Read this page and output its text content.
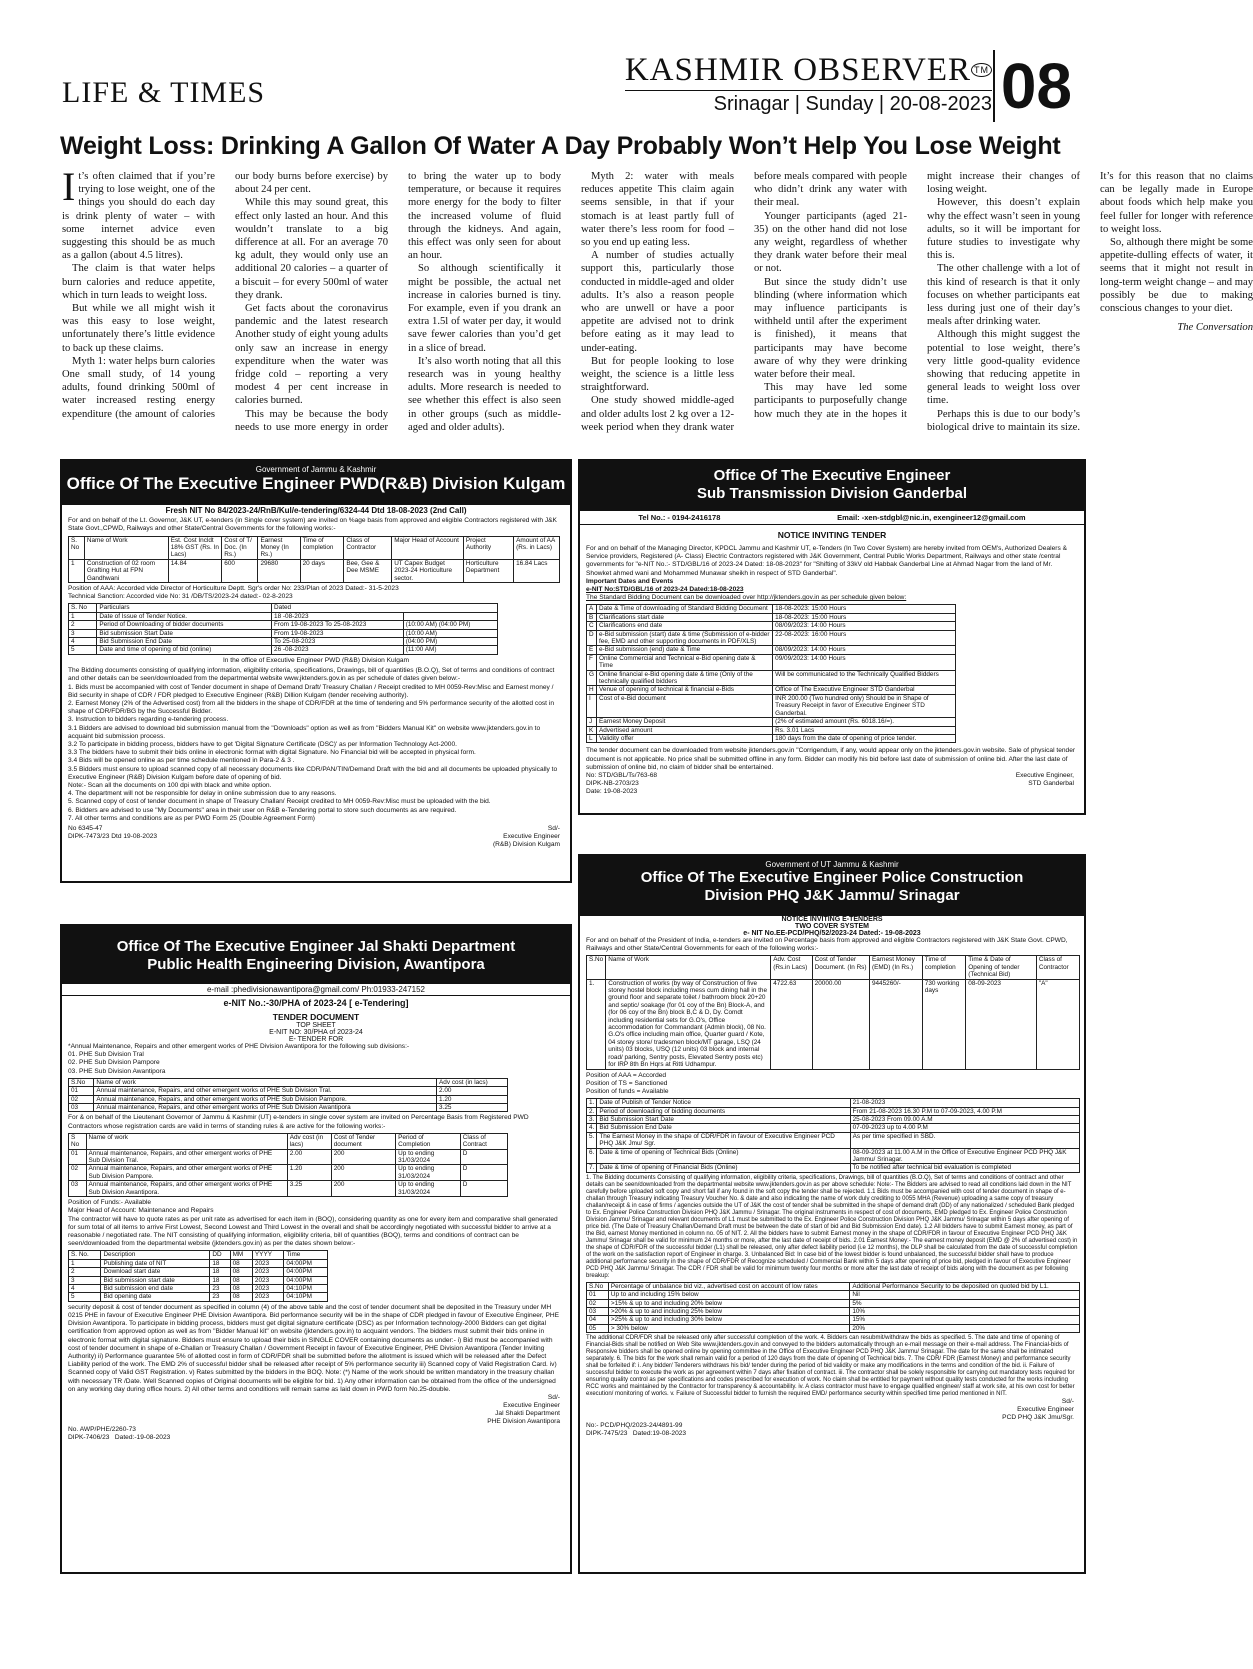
LIFE & TIMES
KASHMIR OBSERVER ™
Srinagar | Sunday | 20-08-2023 08
Weight Loss: Drinking A Gallon Of Water A Day Probably Won’t Help You Lose Weight

It’s often claimed that if you’re trying to lose weight, one of the things you should do each day is drink plenty of water – with some internet advice even suggesting this should be as much as a gallon (about 4.5 litres).

The claim is that water helps burn calories and reduce appetite, which in turn leads to weight loss.

But while we all might wish it was this easy to lose weight, unfortunately there’s little evidence to back up these claims.

Myth 1: water helps burn calories One small study, of 14 young adults, found drinking 500ml of water increased resting energy expenditure (the amount of calories our body burns before exercise) by about 24 per cent.

While this may sound great, this effect only lasted an hour. And this wouldn’t translate to a big difference at all. For an average 70 kg adult, they would only use an additional 20 calories – a quarter of a biscuit – for every 500ml of water they drank.

Get facts about the coronavirus pandemic and the latest research Another study of eight young adults only saw an increase in energy expenditure when the water was fridge cold – reporting a very modest 4 per cent increase in calories burned.

This may be because the body needs to use more energy in order to bring the water up to body temperature, or because it requires more energy for the body to filter the increased volume of fluid through the kidneys. And again, this effect was only seen for about an hour.

So although scientifically it might be possible, the actual net increase in calories burned is tiny. For example, even if you drank an extra 1.5l of water per day, it would save fewer calories than you’d get in a slice of bread.

It’s also worth noting that all this research was in young healthy adults. More research is needed to see whether this effect is also seen in other groups (such as middle-aged and older adults).

Myth 2: water with meals reduces appetite This claim again seems sensible, in that if your stomach is at least partly full of water there’s less room for food – so you end up eating less.

A number of studies actually support this, particularly those conducted in middle-aged and older adults. It’s also a reason people who are unwell or have a poor appetite are advised not to drink before eating as it may lead to under-eating.

But for people looking to lose weight, the science is a little less straightforward.

One study showed middle-aged and older adults lost 2 kg over a 12-week period when they drank water before meals compared with people who didn’t drink any water with their meal.

Younger participants (aged 21-35) on the other hand did not lose any weight, regardless of whether they drank water before their meal or not.

But since the study didn’t use blinding (where information which may influence participants is withheld until after the experiment is finished), it means that participants may have become aware of why they were drinking water before their meal.

This may have led some participants to purposefully change how much they ate in the hopes it might increase their changes of losing weight.

However, this doesn’t explain why the effect wasn’t seen in young adults, so it will be important for future studies to investigate why this is.

The other challenge with a lot of this kind of research is that it only focuses on whether participants eat less during just one of their day’s meals after drinking water.

Although this might suggest the potential to lose weight, there’s very little good-quality evidence showing that reducing appetite in general leads to weight loss over time.

Perhaps this is due to our body’s biological drive to maintain its size. It’s for this reason that no claims can be legally made in Europe about foods which help make you feel fuller for longer with reference to weight loss.

So, although there might be some appetite-dulling effects of water, it seems that it might not result in long-term weight change – and may possibly be due to making conscious changes to your diet.

The Conversation

Government of Jammu & Kashmir
Office Of The Executive Engineer PWD(R&B) Division Kulgam
Fresh NIT No 84/2023-24/RnB/Kul/e-tendering/6324-44 Dtd 18-08-2023 (2nd Call)
For and on behalf of the Lt. Governor, J&K UT, e-tenders (in Single cover system) are invited on %age basis from approved and eligible Contractors registered with J&K State Govt.,CPWD, Railways and other State/Central Governments for the following works:-
S. No	Name of Work	Est. Cost Incldt 18% GST (Rs. In Lacs)	Cost of T/ Doc. (In Rs.)	Earnest Money (In Rs.)	Time of completion	Class of Contractor	Major Head of Account	Project Authority	Amount of AA (Rs. in Lacs)
1	Construction of 02 room Grafting Hut at FPN Gandhwani	14.84	600	29680	20 days	Bee, Gee & Dee MSME	UT Capex Budget 2023-24 Horticulture sector.	Horticulture Department	16.84 Lacs
Position of AAA: Accorded vide Director of Horticulture Deptt. Sgr's order No: 233/Plan of 2023 Dated:- 31-5-2023
Technical Sanction: Accorded vide No: 31 /DB/TS/2023-24 dated:- 02-8-2023
S. No	Particulars	Dated	
1	Date of Issue of Tender Notice.	18 -08-2023	
2	Period of Downloading of bidder documents	From 19-08-2023 To 25-08-2023	(10:00 AM) (04:00 PM)
3	Bid submission Start Date	From 19-08-2023	(10:00 AM)
4	Bid Submission End Date	To 25-08-2023	(04:00 PM)
5	Date and time of opening of bid (online)	26 -08-2023	(11:00 AM)
In the office of Executive Engineer PWD (R&B) Division Kulgam
The Bidding documents consisting of qualifying information, eligibility criteria, specifications, Drawings, bill of quantities (B.O.Q), Set of terms and conditions of contract and other details can be seen/downloaded from the departmental website www.jktenders.gov.in as per schedule of dates given below:-
1. Bids must be accompanied with cost of Tender document in shape of Demand Draft/ Treasury Challan / Receipt credited to MH 0059-Rev:Misc and Earnest money / Bid security in shape of CDR / FDR pledged to Executive Engineer (R&B) Dillion Kulgam (tender receiving authority).
2. Earnest Money (2% of the Advertised cost) from all the bidders in the shape of CDR/FDR at the time of tendering and 5% performance security of the allotted cost in shape of CDR/FDR/BG by the Successful Bidder.
3. Instruction to bidders regarding e-tendering process.
3.1 Bidders are advised to download bid submission manual from the "Downloads" option as well as from "Bidders Manual Kit" on website www.jktenders.gov.in to acquaint bid submission process.
3.2 To participate in bidding process, bidders have to get 'Digital Signature Certificate (DSC)' as per Information Technology Act-2000.
3.3 The bidders have to submit their bids online in electronic format with digital Signature. No Financial bid will be accepted in physical form.
3.4 Bids will be opened online as per time schedule mentioned in Para-2 & 3 .
3.5 Bidders must ensure to upload scanned copy of all necessary documents like CDR/PAN/TIN/Demand Draft with the bid and all documents be uploaded physically to Executive Engineer (R&B) Division Kulgam before date of opening of bid.
Note:- Scan all the documents on 100 dpi with black and white option.
4. The department will not be responsible for delay in online submission due to any reasons.
5. Scanned copy of cost of tender document in shape of Treasury Challan/ Receipt credited to MH 0059-Rev:Misc must be uploaded with the bid.
6. Bidders are advised to use "My Documents" area in their user on R&B e-Tendering portal to store such documents as are required.
7. All other terms and conditions are as per PWD Form 25 (Double Agreement Form)
No 6345-47
DIPK-7473/23 Dtd 19-08-2023
Sd/-
Executive Engineer
(R&B) Division Kulgam
Office Of The Executive Engineer
Sub Transmission Division Ganderbal
Tel No.: - 0194-2416178	Email: -xen-stdgbl@nic.in, exengineer12@gmail.com
NOTICE INVITING TENDER
For and on behalf of the Managing Director, KPDCL Jammu and Kashmir UT, e-Tenders (In Two Cover System) are hereby invited from OEM's, Authorized Dealers & Service providers, Registered (A- Class) Electric Contractors registered with J&K Government, Central Public Works Department, Railways and other state /central governments for "e-NIT No.:- STD/GBL/16 of 2023-24 Dated: 18-08-2023" for "Shifting of 33kV old Habbak Ganderbal Line at Ahmad Nagar from the land of Mr. Showket ahmed wani and Mohammed Munawar sheikh in respect of STD Ganderbal".
Important Dates and Events
e-NIT No:STD/GBL/16 of 2023-24 Dated:18-08-2023
The Standard Bidding Document can be downloaded over http://jktenders.gov.in as per schedule given below:
A	Date & Time of downloading of Standard Bidding Document	18-08-2023: 15:00 Hours
B	Clarifications start date	18-08-2023: 15:00 Hours
C	Clarifications end date	08/09/2023: 14:00 Hours
D	e-Bid submission (start) date & time (Submission of e-bidder fee, EMD and other supporting documents in PDF/XLS)	22-08-2023: 16:00 Hours
E	e-Bid submission (end) date & Time	08/09/2023: 14:00 Hours
F	Online Commercial and Technical e-Bid opening date & Time	09/09/2023: 14:00 Hours
G	Online financial e-Bid opening date & time (Only of the technically qualified bidders	Will be communicated to the Technically Qualified Bidders
H	Venue of opening of technical & financial e-Bids	Office of The Executive Engineer STD Ganderbal
I	Cost of e-Bid document	INR 200.00 (Two hundred only) Should be in Shape of Treasury Receipt in favor of Executive Engineer STD Ganderbal.
J	Earnest Money Deposit	(2% of estimated amount (Rs. 6018.16/=).
K	Advertised amount	Rs. 3.01 Lacs
L	Validity offer	180 days from the date of opening of price tender.
The tender document can be downloaded from website jktenders.gov.in "Corrigendum, if any, would appear only on the jktenders.gov.in website. Sale of physical tender document is not applicable. No price shall be submitted offline in any form. Bidder can modify his bid before last date of submission of online bid. After the last date of submission of online bid, no claim of bidder shall be entertained.
No: STD/GBL/Ts/763-68
DIPK-NB-2703/23
Date: 19-08-2023
Executive Engineer,
STD Ganderbal
Office Of The Executive Engineer Jal Shakti Department
Public Health Engineering Division, Awantipora
e-mail :phedivisionawantipora@gmail.com/ Ph:01933-247152
e-NIT No.:-30/PHA of 2023-24 [ e-Tendering]
TENDER DOCUMENT
TOP SHEET
E-NIT NO: 30/PHA of 2023-24
E- TENDER FOR
*Annual Maintenance, Repairs and other emergent works of PHE Division Awantipora for the following sub divisions:-
01. PHE Sub Division Tral
02. PHE Sub Division Pampore
03. PHE Sub Division Awantipora
S.No	Name of work	Adv cost (in lacs)
01	Annual maintenance, Repairs, and other emergent works of PHE Sub Division Tral.	2.00
02	Annual maintenance, Repairs, and other emergent works of PHE Sub Division Pampore.	1.20
03	Annual maintenance, Repairs, and other emergent works of PHE Sub Division Awantipora	3.25
For & on behalf of the Lieutenant Governor of Jammu & Kashmir (UT) e-tenders in single cover system are invited on Percentage Basis from Registered PWD Contractors whose registration cards are valid in terms of standing rules & are active for the following works:-
S No	Name of work	Adv cost (in lacs)	Cost of Tender document	Period of Completion	Class of Contract
01	Annual maintenance, Repairs, and other emergent works of PHE Sub Division Tral.	2.00	200	Up to ending 31/03/2024	D
02	Annual maintenance, Repairs, and other emergent works of PHE Sub Division Pampore.	1.20	200	Up to ending 31/03/2024	D
03	Annual maintenance, Repairs, and other emergent works of PHE Sub Division Awantipora.	3.25	200	Up to ending 31/03/2024	D
Position of Funds:- Available
Major Head of Account: Maintenance and Repairs
The contractor will have to quote rates as per unit rate as advertised for each item in (BOQ), considering quantity as one for every item and comparative shall generated for sum total of all items to arrive First Lowest, Second Lowest and Third Lowest in the overall and shall be accordingly negotiated with successful bidder to arrive at a reasonable / negotiated rate. The NIT consisting of qualifying information, eligibility criteria, bill of quantities (BOQ), terms and conditions of contract can be seen/downloaded from the departmental website (jktenders.gov.in) as per the dates shown below:-
S. No.	Description	DD	MM	YYYY	Time
1	Publishing date of NIT	18	08	2023	04:00PM
2	Download start date	18	08	2023	04:00PM
3	Bid submission start date	18	08	2023	04:00PM
4	Bid submission end date	23	08	2023	04:10PM
5	Bid opening date	23	08	2023	04:10PM
security deposit & cost of tender document as specified in column (4) of the above table and the cost of tender document shall be deposited in the Treasury under MH 0215 PHE in favour of Executive Engineer PHE Division Awantipora. Bid performance security will be in the shape of CDR pledged in favour of Executive Engineer, PHE Division Awantipora. To participate in bidding process, bidders must get digital signature certificate (DSC) as per Information technology-2000 Bidders can get digital certification from approved option as well as from "Bidder Manual kit" on website (jktenders.gov.in) to acquaint vendors. The bidders must submit their bids online in electronic format with digital signature. Bidders must ensure to upload their bids in SINGLE COVER containing documents as under:- i) Bid must be accompanied with cost of tender document in shape of e-Challan or Treasury Challan / Government Receipt in favour of Executive Engineer, PHE Division Awantipora (Tender Inviting Authority) ii) Performance guarantee 5% of allotted cost in form of CDR/FDR shall be submitted before the allotment is issued which will be released after the Defect Liability period of the work. The EMD 2% of successful bidder shall be released after receipt of 5% performance security iii) Scanned copy of Valid Registration Card. iv) Scanned copy of Valid GST Registration. v) Rates submitted by the bidders in the BOQ. Note: (*) Name of the work should be written mandatory in the treasury challan with necessary TR /Date. Well Scanned copies of Original documents will be eligible for bid. 1) Any other information can be obtained from the office of the undersigned on any working day during office hours. 2) All other terms and conditions will remain same as laid down in PWD form No.25-double.
Sd/-
Executive Engineer
Jal Shakti Department
PHE Division Awantipora
No. AWP/PHE/2260-73
DIPK-7406/23 Dated:-19-08-2023
Government of UT Jammu & Kashmir
Office Of The Executive Engineer Police Construction
Division PHQ J&K Jammu/ Srinagar
NOTICE INVITING E-TENDERS
TWO COVER SYSTEM
e- NIT No.EE-PCD/PHQ/52/2023-24 Dated:- 19-08-2023
For and on behalf of the President of India, e-tenders are invited on Percentage basis from approved and eligible Contractors registered with J&K State Govt. CPWD, Railways and other State/Central Governments for each of the following works:-
S.No	Name of Work	Adv. Cost (Rs.in Lacs)	Cost of Tender Document. (In Rs)	Earnest Money (EMD) (In Rs.)	Time of completion	Time & Date of Opening of tender (Technical Bid)	Class of Contractor
1.	Construction of works (by way of Construction of five storey hostel block including mess cum dining hall in the ground floor and separate toilet / bathroom block 20+20 and septic/ soakage (for 01 coy of the Bn) Block-A, and (for 06 coy of the Bn) block B,C & D, Dy. Comdt including residential sets for G.O's, Office accommodation for Commandant (Admin block), 08 No. G.O's office including main office, Quarter guard / Kote, 04 storey store/ tradesmen block/MT garage, LSQ (24 units) 03 blocks, USQ (12 units) 03 block and internal road/ parking, Sentry posts, Elevated Sentry posts etc) for IRP 8th Bn Hqrs at Ritti Udhampur.	4722.63	20000.00	9445260/-	730 working days	08-09-2023	"A"
Position of AAA = Accorded
Position of TS = Sanctioned
Position of funds = Available
1.	Date of Publish of Tender Notice	21-08-2023
2.	Period of downloading of bidding documents	From 21-08-2023 16.30 P.M to 07-09-2023, 4.00 P.M
3.	Bid Submission Start Date	25-08-2023 From 09.00 A.M
4.	Bid Submission End Date	07-09-2023 up to 4.00 P.M
5.	The Earnest Money in the shape of CDR/FDR in favour of Executive Engineer PCD PHQ J&K Jmu/ Sgr.	As per time specified in SBD.
6.	Date & time of opening of Technical Bids (Online)	08-09-2023 at 11.00 A.M in the Office of Executive Engineer PCD PHQ J&K Jammu/ Srinagar.
7.	Date & time of opening of Financial Bids (Online)	To be notified after technical bid evaluation is completed
1. The Bidding documents Consisting of qualifying information, eligibility criteria, specifications, Drawings, bill of quantities (B.O.Q), Set of terms and conditions of contract and other details can be seen/downloaded from the departmental website www.jktenders.gov.in as per above schedule: Note:- The Bidders are advised to read all conditions laid down in the NIT carefully before uploaded soft copy and short fall if any found in the soft copy the tender shall be rejected. 1.1 Bids must be accompanied with cost of tender document in shape of e-challan through Treasury indicating Treasury Voucher No. & date and also indicating the name of work duly crediting to 0055 MHA (Revenue) uploading a same copy of treasury challan/receipt & in case of firms / agencies outside the UT of J&K the cost of tender shall be submitted in the shape of demand draft (DD) of any nationalized / scheduled Bank pledged to Ex. Engineer Police Construction Division PHQ J&K Jammu / Srinagar. The original instruments in respect of cost of documents, EMD pledged to Ex. Engineer Police Construction Division Jammu/ Srinagar and relevant documents of L1 must be submitted to the Ex. Engineer Police Construction Division PHQ J&K Jammu/ Srinagar within 5 days after opening of price bid. (The Date of Treasury Challan/Demand Draft must be between the date of start of bid and Bid Submission End date). 1.2 All bidders have to submit Earnest money, as part of the Bid, earnest Money mentioned in column no. 05 of NIT. 2. All the bidders have to submit Earnest money in the shape of CDR/FDR in favour of Executive Engineer PCD PHQ J&K Jammu/ Srinagar shall be valid for minimum 24 months or more, after the last date of receipt of bids. 2.01 Earnest Money:- The earnest money deposit (EMD @ 2% of advertised cost) in the shape of CDR/FDR of the successful bidder (L1) shall be released, only after defect liability period (i.e 12 months), the DLP shall be calculated from the date of successful completion of the work on the satisfaction report of Engineer in charge. 3. Unbalanced Bid: In case bid of the lowest bidder is found unbalanced, the successful bidder shall have to produce additional performance security in the shape of CDR/FDR of Recognize scheduled / Commercial Bank within 5 days after opening of price bid, pledged in favour of Executive Engineer PCD PHQ J&K Jammu/ Srinagar. The CDR / FDR shall be valid for minimum twenty four months or more after the last date of receipt of bids along with the document as per following breakup:
S.No	Percentage of unbalance bid viz., advertised cost on account of low rates	Additional Performance Security to be deposited on quoted bid by L1.
01	Up to and including 15% below	Nil
02	>15% & up to and including 20% below	5%
03	>20% & up to and including 25% below	10%
04	>25% & up to and including 30% below	15%
05	> 30% below	20%
The additional CDR/FDR shall be released only after successful completion of the work. 4. Bidders can resubmit/withdraw the bids as specified. 5. The date and time of opening of Financial-Bids shall be notified on Web Site www.jktenders.gov.in and conveyed to the bidders automatically through an e-mail message on their e-mail address. The Financial-bids of Responsive bidders shall be opened online by opening committee in the Office of Executive Engineer PCD PHQ J&K Jammu/ Srinagar. The date for the same shall be intimated separately. 6. The bids for the work shall remain valid for a period of 120 days from the date of opening of Technical bids. 7. The CDR/ FDR (Earnest Money) and performance security shall be forfeited if: i. Any bidder/ Tenderers withdraws his bid/ tender during the period of bid validity or make any modifications in the terms and condition of the bid. ii. Failure of successful bidder to execute the work as per agreement within 7 days after fixation of contract. iii. The contractor shall be solely responsible for carrying out mandatory tests required for ensuring quality control as per specifications and codes prescribed for execution of work. No claim shall be entitled for payment without quality tests conducted for the works including RCC works and maintained by the Contractor for transparency & accountability. iv. A class contractor must have to engage qualified engineer/ staff at work site, at his own cost for better execution/ monitoring of works. v. Failure of Successful bidder to furnish the required EMD/ performance security within specified time period mentioned in NIT.
Sd/-
Executive Engineer
PCD PHQ J&K Jmu/Sgr.
No:- PCD/PHQ/2023-24/4891-99
DIPK-7475/23 Dated:19-08-2023
